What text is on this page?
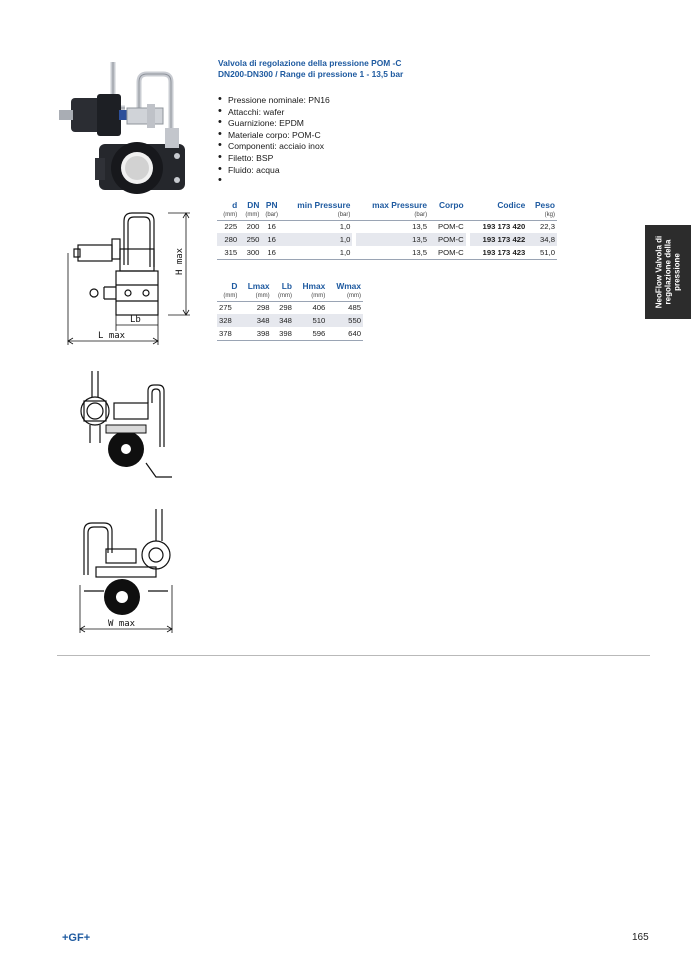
H max
Lb
L max
W max
Valvola di regolazione della pressione POM -C
DN200-DN300 / Range di pressione 1 - 13,5 bar
• Pressione nominale: PN16
• Attacchi: wafer
• Guarnizione: EPDM
• Materiale corpo: POM-C
• Componenti: acciaio inox
• Filetto: BSP
• Fluido: acqua
•
d	DN	PN	min Pressure		max Pressure	Corpo		Codice	Peso
(mm)	(mm)	(bar)	(bar)		(bar)				(kg)
225	200	16	1,0		13,5	POM-C		193 173 420	22,3
280	250	16	1,0		13,5	POM-C		193 173 422	34,8
315	300	16	1,0		13,5	POM-C		193 173 423	51,0
D	Lmax	Lb	Hmax	Wmax
(mm)	(mm)	(mm)	(mm)	(mm)
275	298	298	406	485
328	348	348	510	550
378	398	398	596	640
NeoFlow Valvola di regolazione della pressione
+GF+	165
